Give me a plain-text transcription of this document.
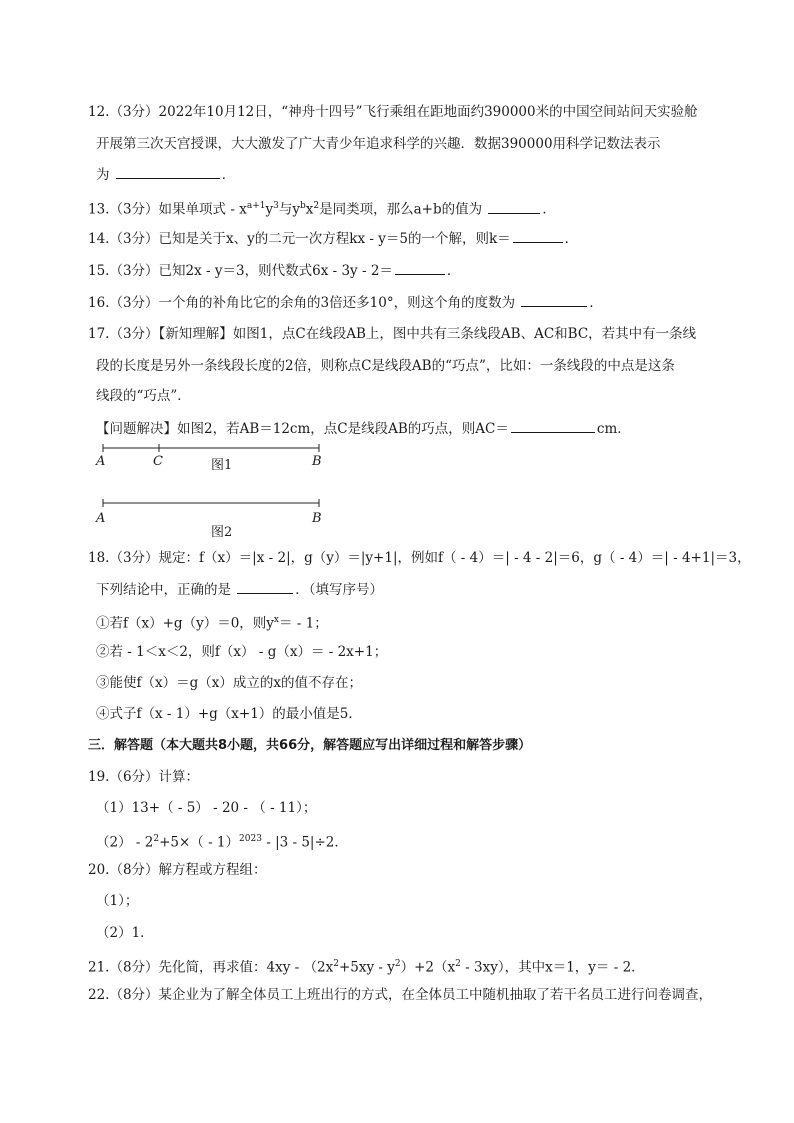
12.（3分）2022年10月12日，“神舟十四号”飞行乘组在距地面约390000米的中国空间站问天实验舱
开展第三次天宫授课，大大激发了广大青少年追求科学的兴趣．数据390000用科学记数法表示
为	．
13.（3分）如果单项式 - $x^{a+1}y^3$与$y^bx^2$是同类项，那么a+b的值为	．
14.（3分）已知是关于x、y的二元一次方程kx - y＝5的一个解，则k＝	．
15.（3分）已知2x - y＝3，则代数式6x - 3y - 2＝	．
16.（3分）一个角的补角比它的余角的3倍还多10°，则这个角的度数为	．
17.（3分）【新知理解】如图1，点C在线段AB上，图中共有三条线段AB、AC和BC，若其中有一条线
段的长度是另外一条线段长度的2倍，则称点C是线段AB的“巧点”，比如：一条线段的中点是这条
线段的“巧点”．
【问题解决】如图2，若AB＝12cm，点C是线段AB的巧点，则AC＝	cm．
A	C	B
图1
A	B
图2
18.（3分）规定：f（x）＝|x - 2|，g（y）＝|y+1|，例如f（ - 4）＝| - 4 - 2|＝6，g（ - 4）＝| - 4+1|＝3，
下列结论中，正确的是	．（填写序号）
①若f（x）+g（y）＝0，则$y^x= - 1$；
②若 - 1＜x＜2，则f（x） - g（x）＝ - 2x+1；
③能使f（x）＝g（x）成立的x的值不存在；
④式子f（x - 1）+g（x+1）的最小值是5．
三．解答题（本大题共8小题，共66分，解答题应写出详细过程和解答步骤）
19.（6分）计算：
（1）13+（ - 5） - 20 - （ - 11）；
$(2) - 2^2+5\times( - 1)^{2023} - |3 - 5|\div 2$．
20.（8分）解方程或方程组：
（1）；
（2）1．
21.（8分）先化简，再求值：$4xy - (2x^2+5xy - y^2)+2(x^2 - 3xy)$，其中x＝1，y＝ - 2．
22.（8分）某企业为了解全体员工上班出行的方式，在全体员工中随机抽取了若干名员工进行问卷调查，
